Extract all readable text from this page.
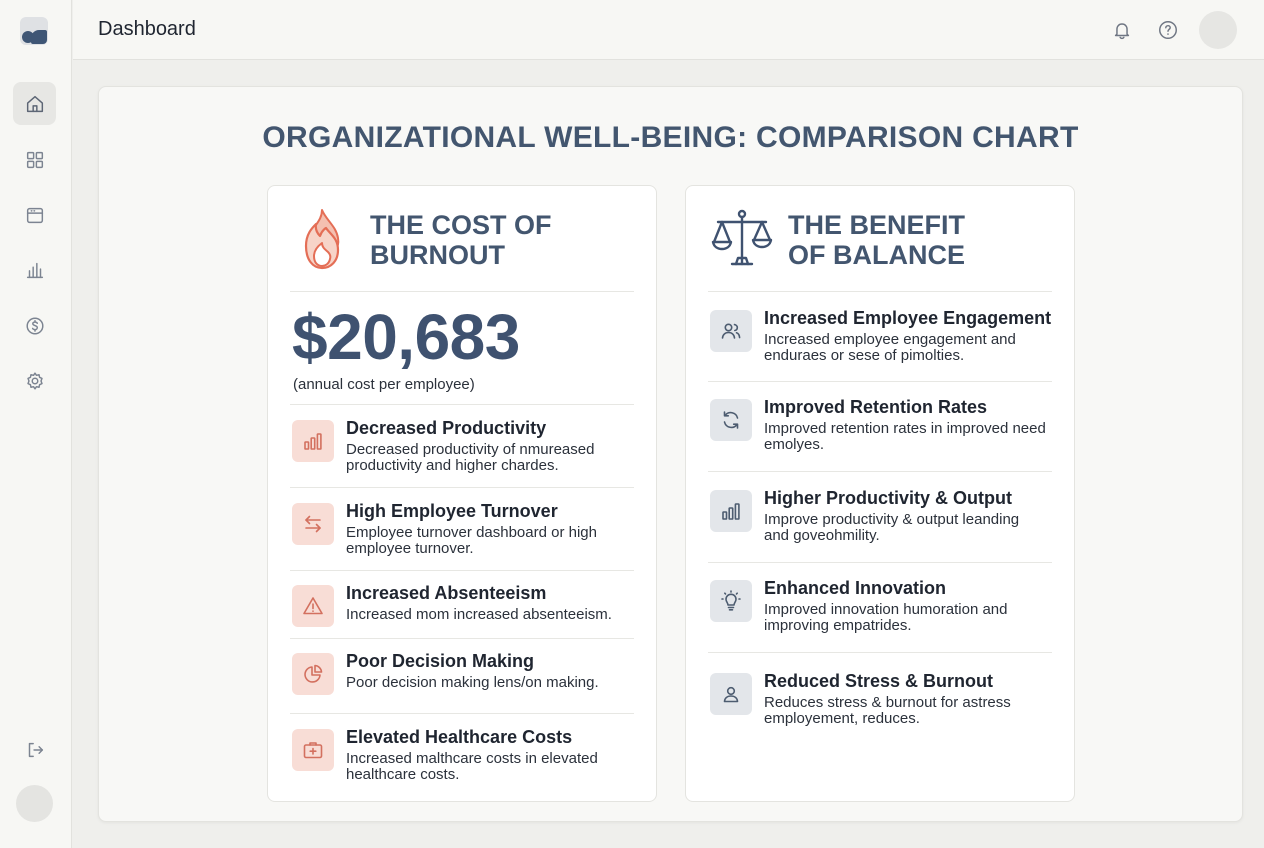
Dashboard
ORGANIZATIONAL WELL-BEING: COMPARISON CHART
THE COST OF
BURNOUT
$20,683
(annual cost per employee)
Decreased Productivity
Decreased productivity of nmureased productivity and higher chardes.
High Employee Turnover
Employee turnover dashboard or high employee turnover.
Increased Absenteeism
Increased mom increased absenteeism.
Poor Decision Making
Poor decision making lens/on making.
Elevated Healthcare Costs
Increased malthcare costs in elevated healthcare costs.
THE BENEFIT
OF BALANCE
Increased Employee Engagement
Increased employee engagement and enduraes or sese of pimolties.
Improved Retention Rates
Improved retention rates in improved need emolyes.
Higher Productivity & Output
Improve productivity & output leanding and goveohmility.
Enhanced Innovation
Improved innovation humoration and improving empatrides.
Reduced Stress & Burnout
Reduces stress & burnout for astress employement, reduces.
